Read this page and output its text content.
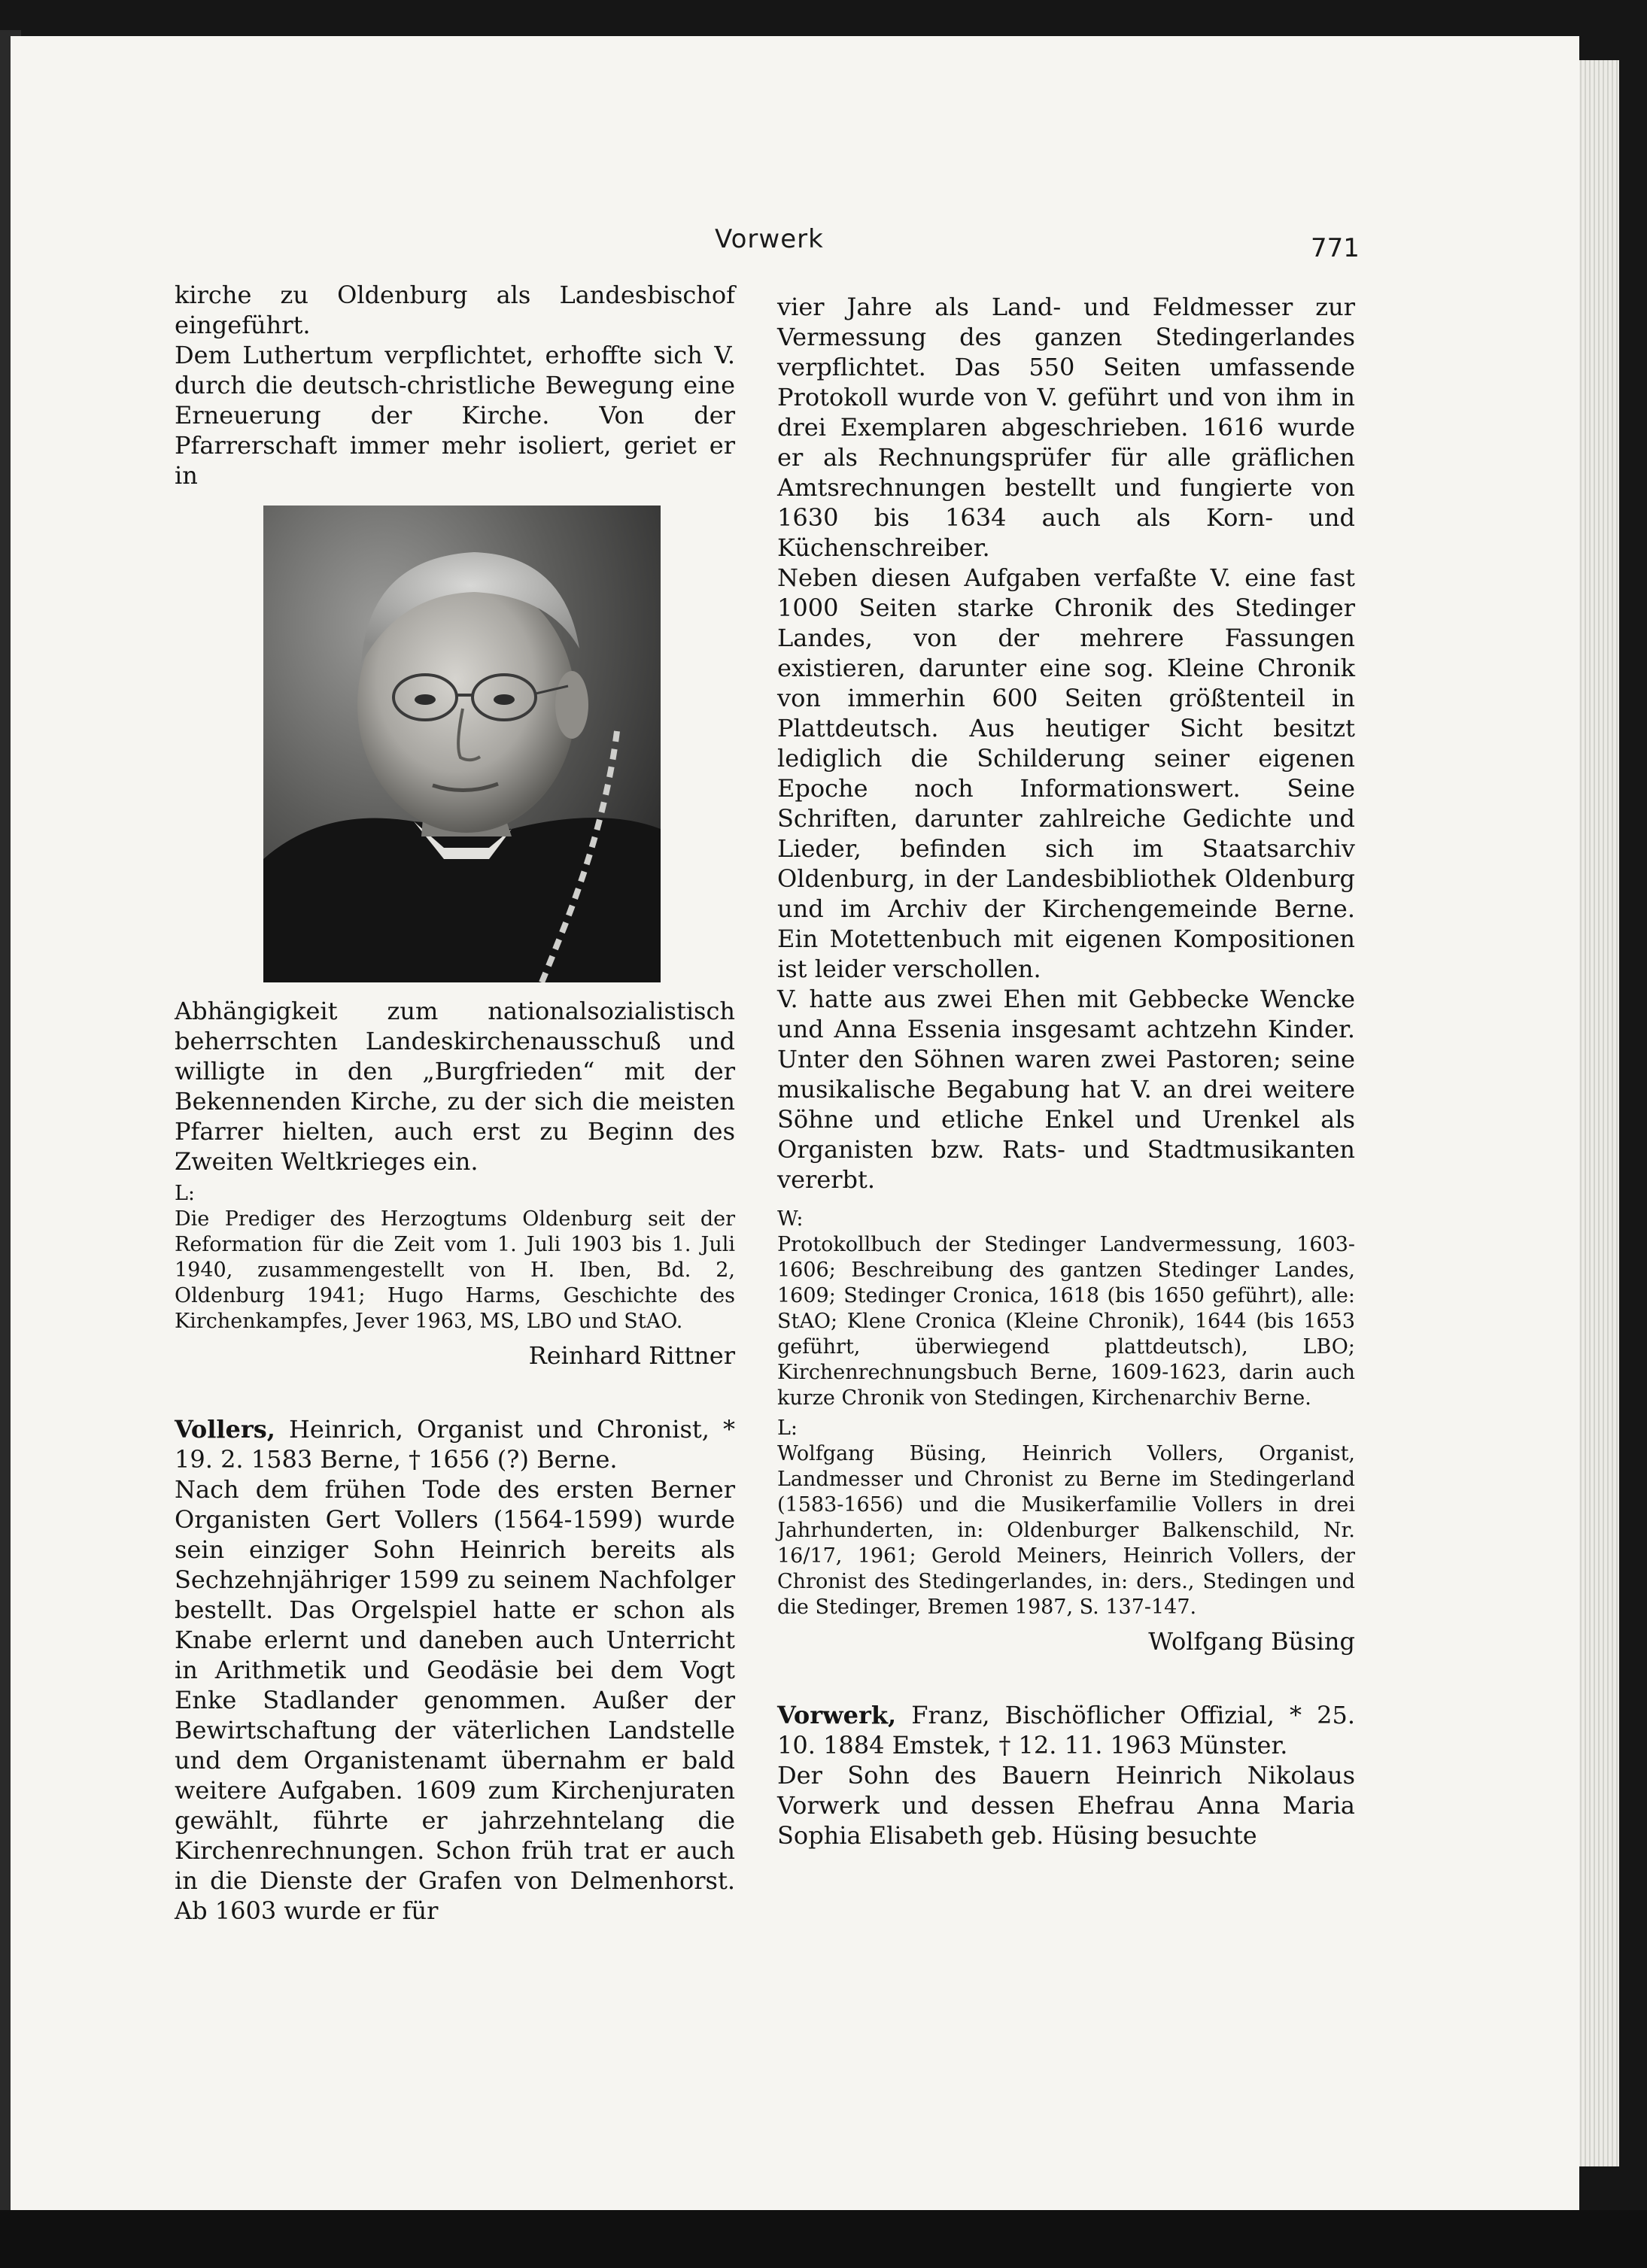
Vorwerk	771

kirche zu Oldenburg als Landesbischof eingeführt.

Dem Luthertum verpflichtet, erhoffte sich V. durch die deutsch-christliche Bewegung eine Erneuerung der Kirche. Von der Pfarrerschaft immer mehr isoliert, geriet er in

Abhängigkeit zum nationalsozialistisch beherrschten Landeskirchenausschuß und willigte in den „Burgfrieden“ mit der Bekennenden Kirche, zu der sich die meisten Pfarrer hielten, auch erst zu Beginn des Zweiten Weltkrieges ein.

L:

Die Prediger des Herzogtums Oldenburg seit der Reformation für die Zeit vom 1. Juli 1903 bis 1. Juli 1940, zusammengestellt von H. Iben, Bd. 2, Oldenburg 1941; Hugo Harms, Geschichte des Kirchenkampfes, Jever 1963, MS, LBO und StAO.

Reinhard Rittner

Vollers, Heinrich, Organist und Chronist, * 19. 2. 1583 Berne, † 1656 (?) Berne.

Nach dem frühen Tode des ersten Berner Organisten Gert Vollers (1564-1599) wurde sein einziger Sohn Heinrich bereits als Sechzehnjähriger 1599 zu seinem Nachfolger bestellt. Das Orgelspiel hatte er schon als Knabe erlernt und daneben auch Unterricht in Arithmetik und Geodäsie bei dem Vogt Enke Stadlander genommen. Außer der Bewirtschaftung der väterlichen Landstelle und dem Organistenamt übernahm er bald weitere Aufgaben. 1609 zum Kirchenjuraten gewählt, führte er jahrzehntelang die Kirchenrechnungen. Schon früh trat er auch in die Dienste der Grafen von Delmenhorst. Ab 1603 wurde er für

vier Jahre als Land- und Feldmesser zur Vermessung des ganzen Stedingerlandes verpflichtet. Das 550 Seiten umfassende Protokoll wurde von V. geführt und von ihm in drei Exemplaren abgeschrieben. 1616 wurde er als Rechnungsprüfer für alle gräflichen Amtsrechnungen bestellt und fungierte von 1630 bis 1634 auch als Korn- und Küchenschreiber.

Neben diesen Aufgaben verfaßte V. eine fast 1000 Seiten starke Chronik des Stedinger Landes, von der mehrere Fassungen existieren, darunter eine sog. Kleine Chronik von immerhin 600 Seiten größtenteil in Plattdeutsch. Aus heutiger Sicht besitzt lediglich die Schilderung seiner eigenen Epoche noch Informationswert. Seine Schriften, darunter zahlreiche Gedichte und Lieder, befinden sich im Staatsarchiv Oldenburg, in der Landesbibliothek Oldenburg und im Archiv der Kirchengemeinde Berne. Ein Motettenbuch mit eigenen Kompositionen ist leider verschollen.

V. hatte aus zwei Ehen mit Gebbecke Wencke und Anna Essenia insgesamt achtzehn Kinder. Unter den Söhnen waren zwei Pastoren; seine musikalische Begabung hat V. an drei weitere Söhne und etliche Enkel und Urenkel als Organisten bzw. Rats- und Stadtmusikanten vererbt.

W:

Protokollbuch der Stedinger Landvermessung, 1603-1606; Beschreibung des gantzen Stedinger Landes, 1609; Stedinger Cronica, 1618 (bis 1650 geführt), alle: StAO; Klene Cronica (Kleine Chronik), 1644 (bis 1653 geführt, überwiegend plattdeutsch), LBO; Kirchenrechnungsbuch Berne, 1609-1623, darin auch kurze Chronik von Stedingen, Kirchenarchiv Berne.

L:

Wolfgang Büsing, Heinrich Vollers, Organist, Landmesser und Chronist zu Berne im Stedingerland (1583-1656) und die Musikerfamilie Vollers in drei Jahrhunderten, in: Oldenburger Balkenschild, Nr. 16/17, 1961; Gerold Meiners, Heinrich Vollers, der Chronist des Stedingerlandes, in: ders., Stedingen und die Stedinger, Bremen 1987, S. 137-147.

Wolfgang Büsing

Vorwerk, Franz, Bischöflicher Offizial, * 25. 10. 1884 Emstek, † 12. 11. 1963 Münster.

Der Sohn des Bauern Heinrich Nikolaus Vorwerk und dessen Ehefrau Anna Maria Sophia Elisabeth geb. Hüsing besuchte
